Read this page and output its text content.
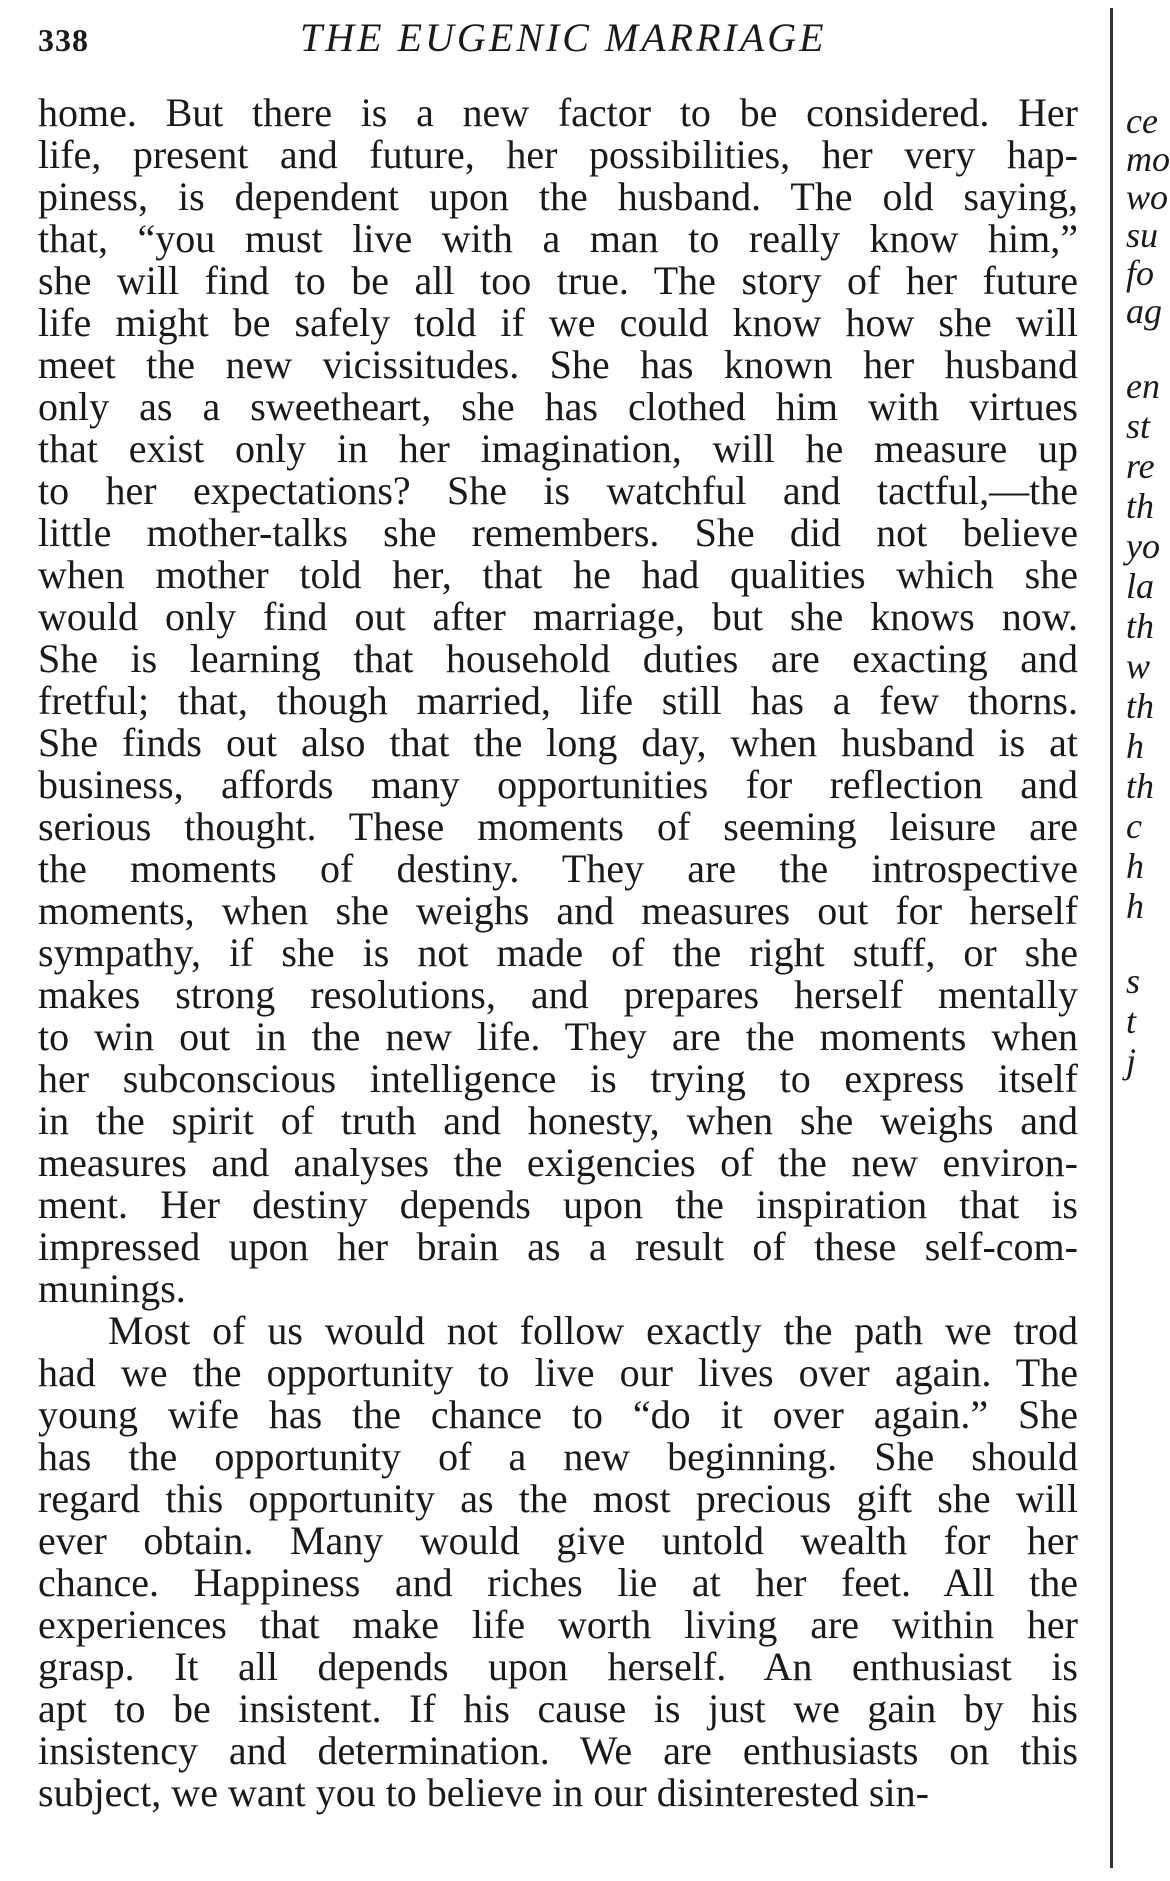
338	THE EUGENIC MARRIAGE
home. But there is a new factor to be considered. Her
life, present and future, her possibilities, her very hap-
piness, is dependent upon the husband. The old saying,
that, “you must live with a man to really know him,”
she will find to be all too true. The story of her future
life might be safely told if we could know how she will
meet the new vicissitudes. She has known her husband
only as a sweetheart, she has clothed him with virtues
that exist only in her imagination, will he measure up
to her expectations? She is watchful and tactful,—the
little mother-talks she remembers. She did not believe
when mother told her, that he had qualities which she
would only find out after marriage, but she knows now.
She is learning that household duties are exacting and
fretful; that, though married, life still has a few thorns.
She finds out also that the long day, when husband is at
business, affords many opportunities for reflection and
serious thought. These moments of seeming leisure are
the moments of destiny. They are the introspective
moments, when she weighs and measures out for herself
sympathy, if she is not made of the right stuff, or she
makes strong resolutions, and prepares herself mentally
to win out in the new life. They are the moments when
her subconscious intelligence is trying to express itself
in the spirit of truth and honesty, when she weighs and
measures and analyses the exigencies of the new environ-
ment. Her destiny depends upon the inspiration that is
impressed upon her brain as a result of these self-com-
munings.
Most of us would not follow exactly the path we trod
had we the opportunity to live our lives over again. The
young wife has the chance to “do it over again.” She
has the opportunity of a new beginning. She should
regard this opportunity as the most precious gift she will
ever obtain. Many would give untold wealth for her
chance. Happiness and riches lie at her feet. All the
experiences that make life worth living are within her
grasp. It all depends upon herself. An enthusiast is
apt to be insistent. If his cause is just we gain by his
insistency and determination. We are enthusiasts on this
subject, we want you to believe in our disinterested sin-
ce
mo
wo
su
fo
ag
en
st
re
th
yo
la
th
w
th
h
th
c
h
h
s
t
j
